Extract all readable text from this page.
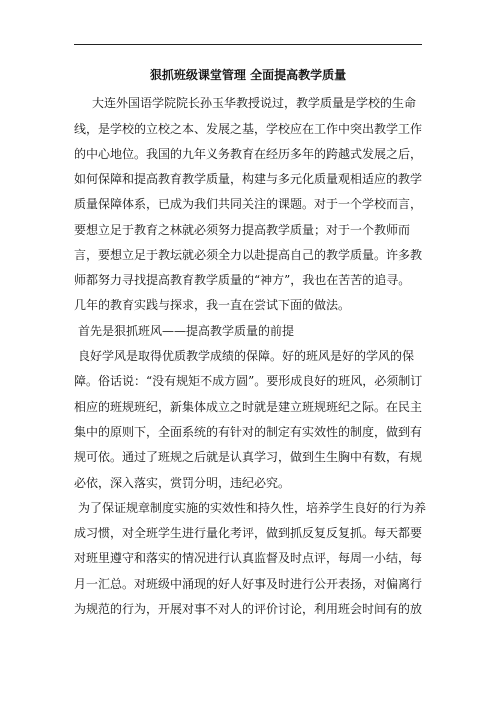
狠抓班级课堂管理 全面提高教学质量
大连外国语学院院长孙玉华教授说过，教学质量是学校的生命
线，是学校的立校之本、发展之基，学校应在工作中突出教学工作
的中心地位。我国的九年义务教育在经历多年的跨越式发展之后，
如何保障和提高教育教学质量，构建与多元化质量观相适应的教学
质量保障体系，已成为我们共同关注的课题。对于一个学校而言，
要想立足于教育之林就必须努力提高教学质量；对于一个教师而
言，要想立足于教坛就必须全力以赴提高自己的教学质量。许多教
师都努力寻找提高教育教学质量的“神方”，我也在苦苦的追寻。
几年的教育实践与探求，我一直在尝试下面的做法。
首先是狠抓班风——提高教学质量的前提
良好学风是取得优质教学成绩的保障。好的班风是好的学风的保
障。俗话说：“没有规矩不成方圆”。要形成良好的班风，必须制订
相应的班规班纪，新集体成立之时就是建立班规班纪之际。在民主
集中的原则下，全面系统的有针对的制定有实效性的制度，做到有
规可依。通过了班规之后就是认真学习，做到生生胸中有数，有规
必依，深入落实，赏罚分明，违纪必究。
为了保证规章制度实施的实效性和持久性，培养学生良好的行为养
成习惯，对全班学生进行量化考评，做到抓反复反复抓。每天都要
对班里遵守和落实的情况进行认真监督及时点评，每周一小结，每
月一汇总。对班级中涌现的好人好事及时进行公开表扬，对偏离行
为规范的行为，开展对事不对人的评价讨论，利用班会时间有的放
